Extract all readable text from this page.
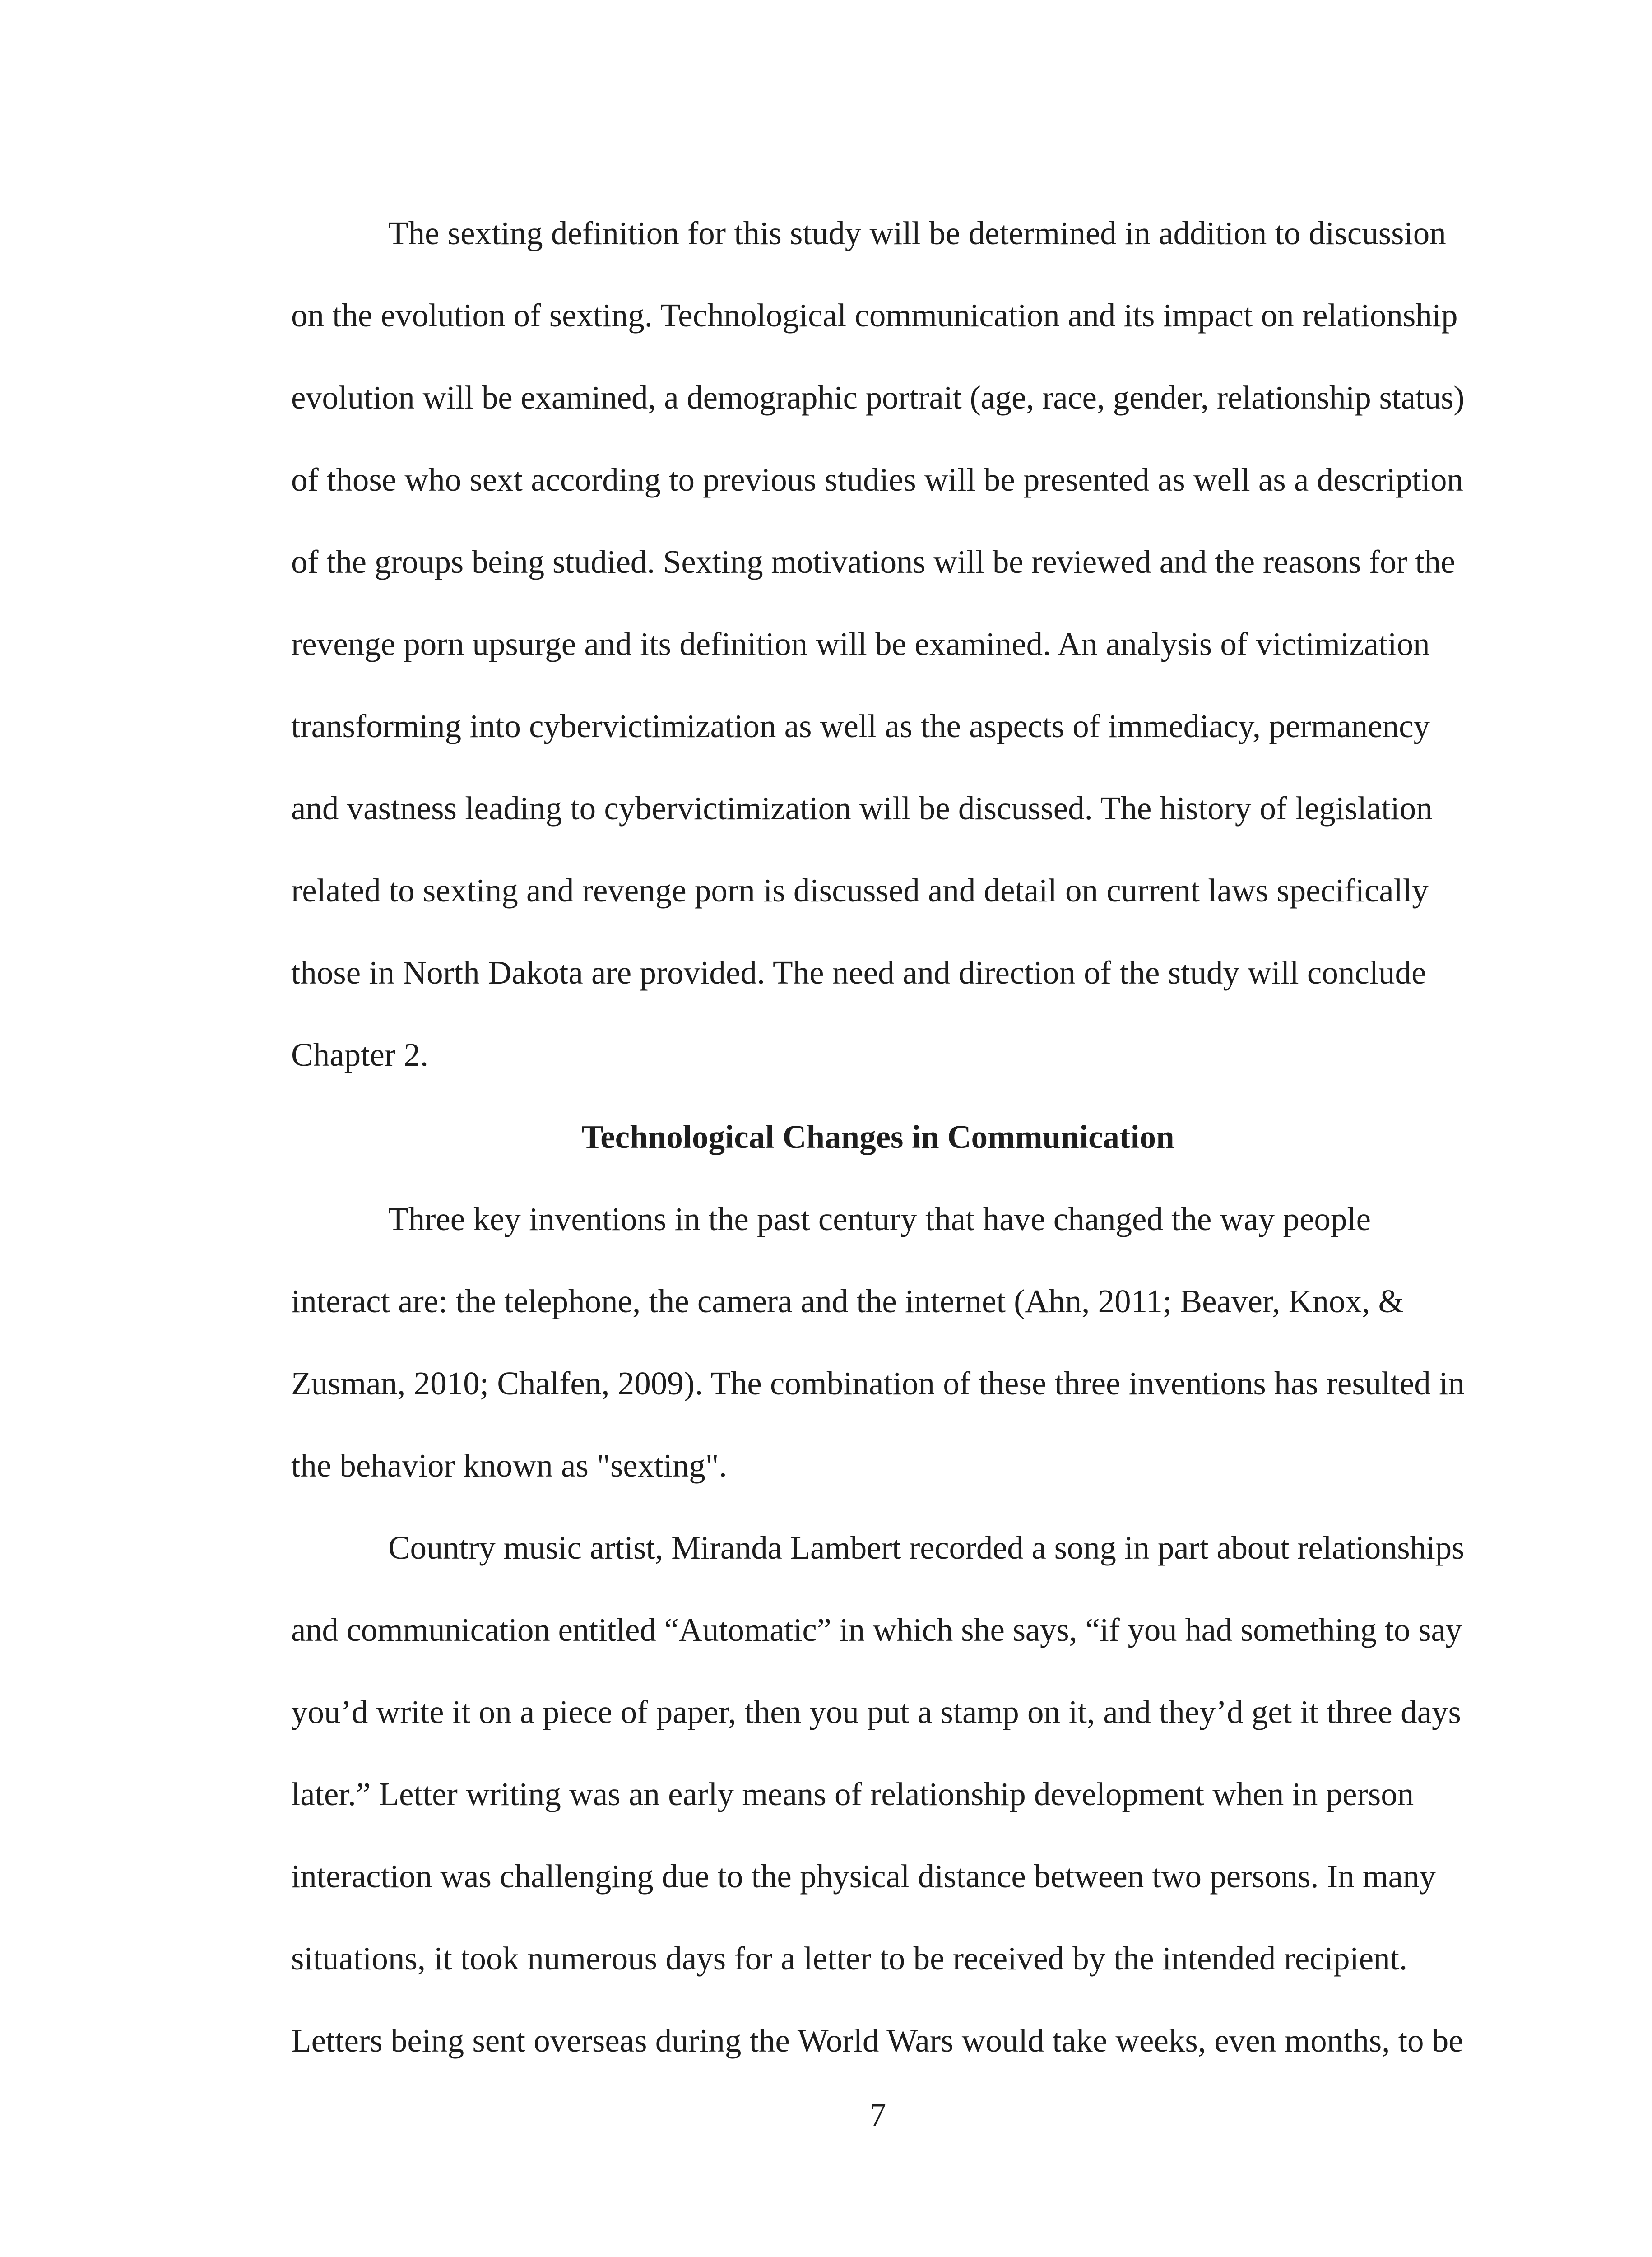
The sexting definition for this study will be determined in addition to discussion

on the evolution of sexting. Technological communication and its impact on relationship

evolution will be examined, a demographic portrait (age, race, gender, relationship status)

of those who sext according to previous studies will be presented as well as a description

of the groups being studied. Sexting motivations will be reviewed and the reasons for the

revenge porn upsurge and its definition will be examined. An analysis of victimization

transforming into cybervictimization as well as the aspects of immediacy, permanency

and vastness leading to cybervictimization will be discussed. The history of legislation

related to sexting and revenge porn is discussed and detail on current laws specifically

those in North Dakota are provided. The need and direction of the study will conclude

Chapter 2.

Technological Changes in Communication

Three key inventions in the past century that have changed the way people

interact are: the telephone, the camera and the internet (Ahn, 2011; Beaver, Knox, &

Zusman, 2010; Chalfen, 2009). The combination of these three inventions has resulted in

the behavior known as "sexting".

Country music artist, Miranda Lambert recorded a song in part about relationships

and communication entitled “Automatic” in which she says, “if you had something to say

you’d write it on a piece of paper, then you put a stamp on it, and they’d get it three days

later.” Letter writing was an early means of relationship development when in person

interaction was challenging due to the physical distance between two persons. In many

situations, it took numerous days for a letter to be received by the intended recipient.

Letters being sent overseas during the World Wars would take weeks, even months, to be

7
